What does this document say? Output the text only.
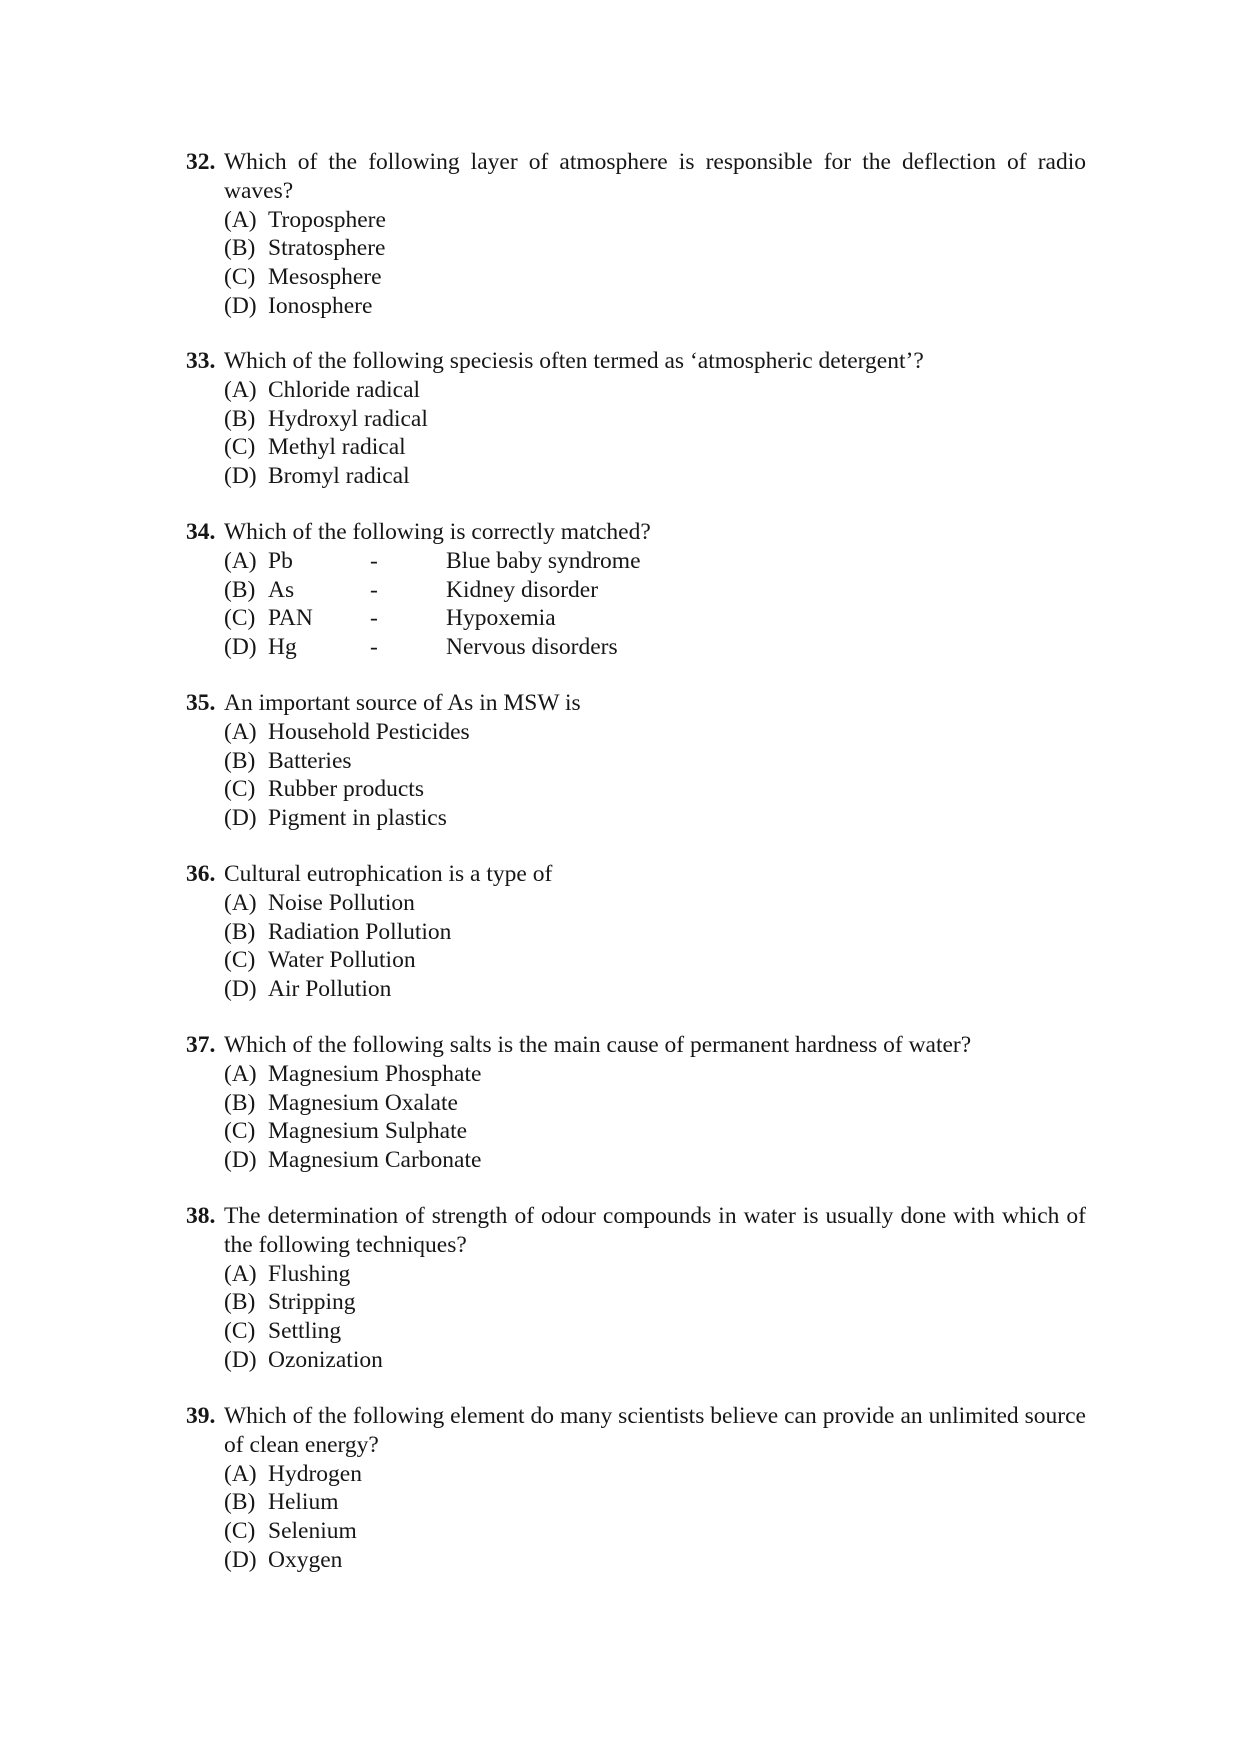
32. Which of the following layer of atmosphere is responsible for the deflection of radio waves?
(A) Troposphere
(B) Stratosphere
(C) Mesosphere
(D) Ionosphere
33. Which of the following speciesis often termed as ‘atmospheric detergent’?
(A) Chloride radical
(B) Hydroxyl radical
(C) Methyl radical
(D) Bromyl radical
34. Which of the following is correctly matched?
(A) Pb	-	Blue baby syndrome
(B) As	-	Kidney disorder
(C) PAN -	Hypoxemia
(D) Hg	-	Nervous disorders
35. An important source of As in MSW is
(A) Household Pesticides
(B) Batteries
(C) Rubber products
(D) Pigment in plastics
36. Cultural eutrophication is a type of
(A) Noise Pollution
(B) Radiation Pollution
(C) Water Pollution
(D) Air Pollution
37. Which of the following salts is the main cause of permanent hardness of water?
(A) Magnesium Phosphate
(B) Magnesium Oxalate
(C) Magnesium Sulphate
(D) Magnesium Carbonate
38. The determination of strength of odour compounds in water is usually done with which of the following techniques?
(A) Flushing
(B) Stripping
(C) Settling
(D) Ozonization
39. Which of the following element do many scientists believe can provide an unlimited source of clean energy?
(A) Hydrogen
(B) Helium
(C) Selenium
(D) Oxygen
